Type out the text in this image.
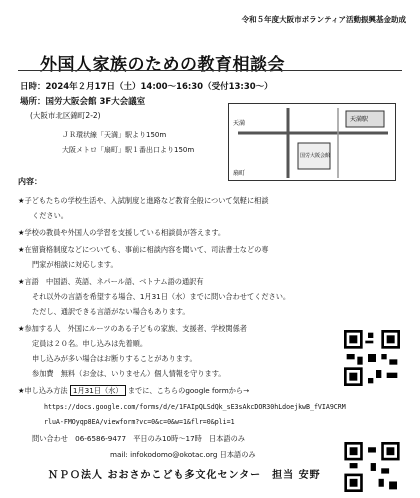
令和５年度大阪市ボランティア活動振興基金助成
外国人家族のための教育相談会
日時：2024年２月17日（土）14:00～16:30（受付13:30～）
場所：国労大阪会館 3F大会議室
(大阪市北区錦町2-2)
ＪＲ環状線「天満」駅より150m
大阪メトロ「扇町」駅１番出口より150m
天満
扇町
国労大阪会館
天満駅
内容：
★子どもたちの学校生活や、入試制度と進路など教育全般について気軽に相談
ください。
★学校の教員や外国人の学習を支援している相談員が答えます。
★在留資格制度などについても、事前に相談内容を聞いて、司法書士などの専
門家が相談に対応します。
★言語　中国語、英語、ネパール語、ベトナム語の通訳有
それ以外の言語を希望する場合、1月31日（水）までに問い合わせてください。
ただし、通訳できる言語がない場合もあります。
★参加する人　外国にルーツのある子どもの家族、支援者、学校関係者
定員は２０名。申し込みは先着順。
申し込みが多い場合はお断りすることがあります。
参加費　無料（お金は、いりません）個人情報を守ります。
★申し込み方法 1月31日（水） までに、こちらのgoogle formから→
https://docs.google.com/forms/d/e/1FAIpQLSdQk_sE3sAkcDOR30hLdoejkwB_fVIA9CRM
rluA-FMOyqp8EA/viewform?vc=0&c=0&w=1&flr=0&pli=1
問い合わせ　06-6586-9477　平日のみ10時～17時　日本語のみ
mail: infokodomo@okotac.org 日本語のみ
ＮＰＯ法人 おおさかこども多文化センター　担当 安野
